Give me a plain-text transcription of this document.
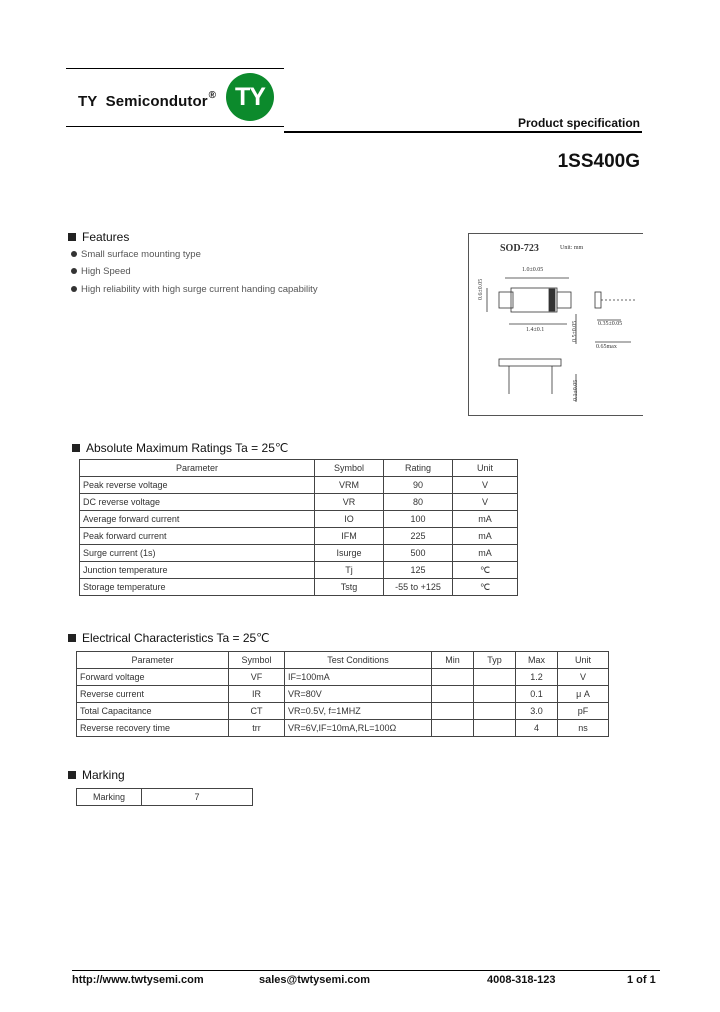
TY  Semicondutor® TY
Product specification
1SS400G
Features
Small surface mounting type
High Speed
High reliability with high surge current handing capability
SOD-723	Unit: mm
1.0±0.05
0.6±0.05
1.4±0.1	0.5±0.05	0.35±0.05
0.65max
0.1±0.05
Absolute Maximum Ratings Ta = 25℃
Parameter	Symbol	Rating	Unit
Peak reverse voltage	VRM	90	V
DC reverse voltage	VR	80	V
Average forward current	IO	100	mA
Peak forward current	IFM	225	mA
Surge current (1s)	Isurge	500	mA
Junction temperature	Tj	125	℃
Storage temperature	Tstg	-55 to +125	℃
Electrical Characteristics Ta = 25℃
Parameter	Symbol	Test Conditions	Min	Typ	Max	Unit
Forward voltage	VF	IF=100mA			1.2	V
Reverse current	IR	VR=80V			0.1	μ A
Total Capacitance	CT	VR=0.5V, f=1MHZ			3.0	pF
Reverse recovery time	trr	VR=6V,IF=10mA,RL=100Ω			4	ns
Marking
Marking	7
http://www.twtysemi.com	sales@twtysemi.com	4008-318-123	1 of 1
